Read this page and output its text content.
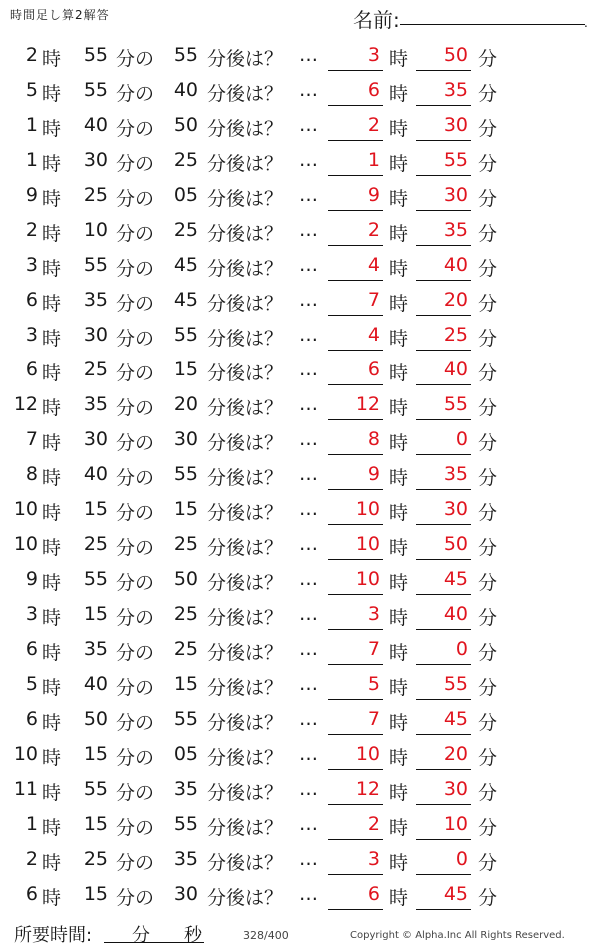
時間足し算2解答	名前:	.
2 時	55 分の	55 分後は？ …	3 時	50 分
5 時	55 分の	40 分後は？ …	6 時	35 分
1 時	40 分の	50 分後は？ …	2 時	30 分
1 時	30 分の	25 分後は？ …	1 時	55 分
9 時	25 分の	05 分後は？ …	9 時	30 分
2 時	10 分の	25 分後は？ …	2 時	35 分
3 時	55 分の	45 分後は？ …	4 時	40 分
6 時	35 分の	45 分後は？ …	7 時	20 分
3 時	30 分の	55 分後は？ …	4 時	25 分
6 時	25 分の	15 分後は？ …	6 時	40 分
12 時	35 分の	20 分後は？ …	12 時	55 分
7 時	30 分の	30 分後は？ …	8 時	0 分
8 時	40 分の	55 分後は？ …	9 時	35 分
10 時	15 分の	15 分後は？ …	10 時	30 分
10 時	25 分の	25 分後は？ …	10 時	50 分
9 時	55 分の	50 分後は？ …	10 時	45 分
3 時	15 分の	25 分後は？ …	3 時	40 分
6 時	35 分の	25 分後は？ …	7 時	0 分
5 時	40 分の	15 分後は？ …	5 時	55 分
6 時	50 分の	55 分後は？ …	7 時	45 分
10 時	15 分の	05 分後は？ …	10 時	20 分
11 時	55 分の	35 分後は？ …	12 時	30 分
1 時	15 分の	55 分後は？ …	2 時	10 分
2 時	25 分の	35 分後は？ …	3 時	0 分
6 時	15 分の	30 分後は？ …	6 時	45 分
所要時間: 分 秒	328/400	Copyright © Alpha.Inc All Rights Reserved.
